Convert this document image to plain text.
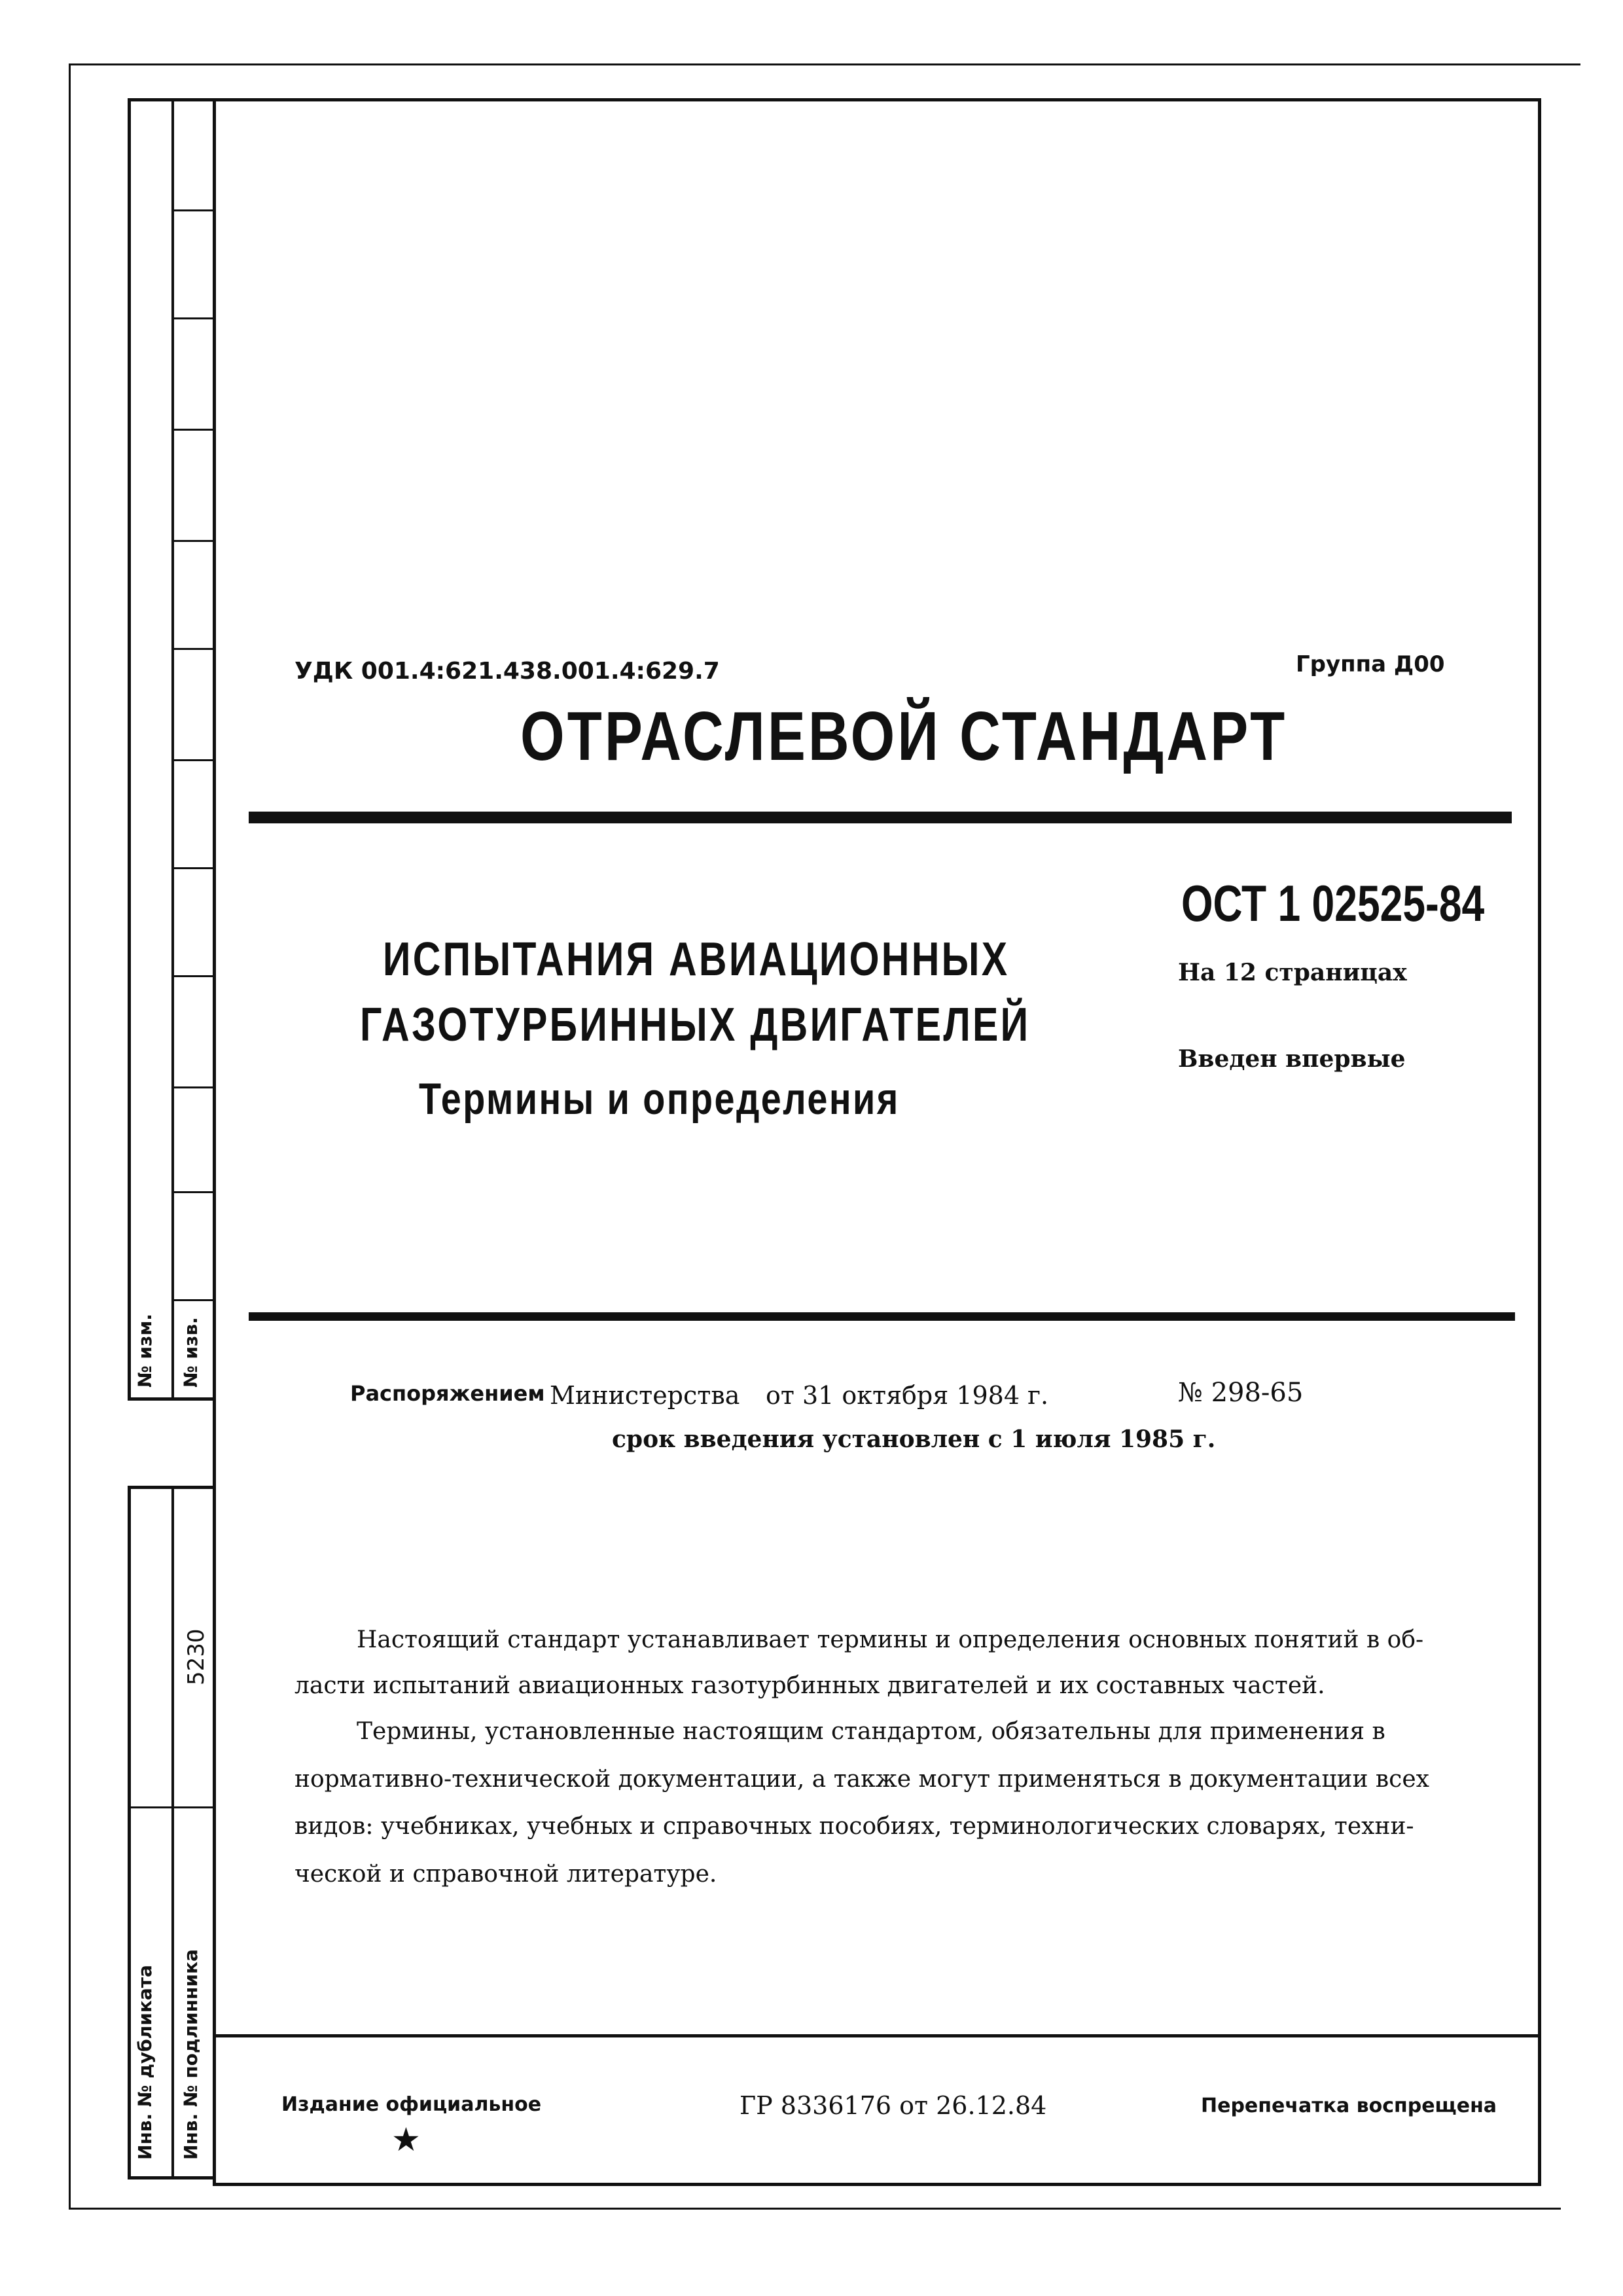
№ изм. № изв.
5230
Инв. № дубликата Инв. № подлинника
УДК 001.4:621.438.001.4:629.7	Группа Д00
ОТРАСЛЕВОЙ СТАНДАРТ
ИСПЫТАНИЯ АВИАЦИОННЫХ
ГАЗОТУРБИННЫХ ДВИГАТЕЛЕЙ
Термины и определения
ОСТ 1 02525-84
На 12 страницах
Введен впервые
Распоряжением Министерства от 31 октября 1984 г.	№ 298-65
срок введения установлен с 1 июля 1985 г.
Настоящий стандарт устанавливает термины и определения основных понятий в об-
ласти испытаний авиационных газотурбинных двигателей и их составных частей.
Термины, установленные настоящим стандартом, обязательны для применения в
нормативно-технической документации, а также могут применяться в документации всех
видов: учебниках, учебных и справочных пособиях, терминологических словарях, техни-
ческой и справочной литературе.
Издание официальное
★
ГР 8336176 от 26.12.84	Перепечатка воспрещена
